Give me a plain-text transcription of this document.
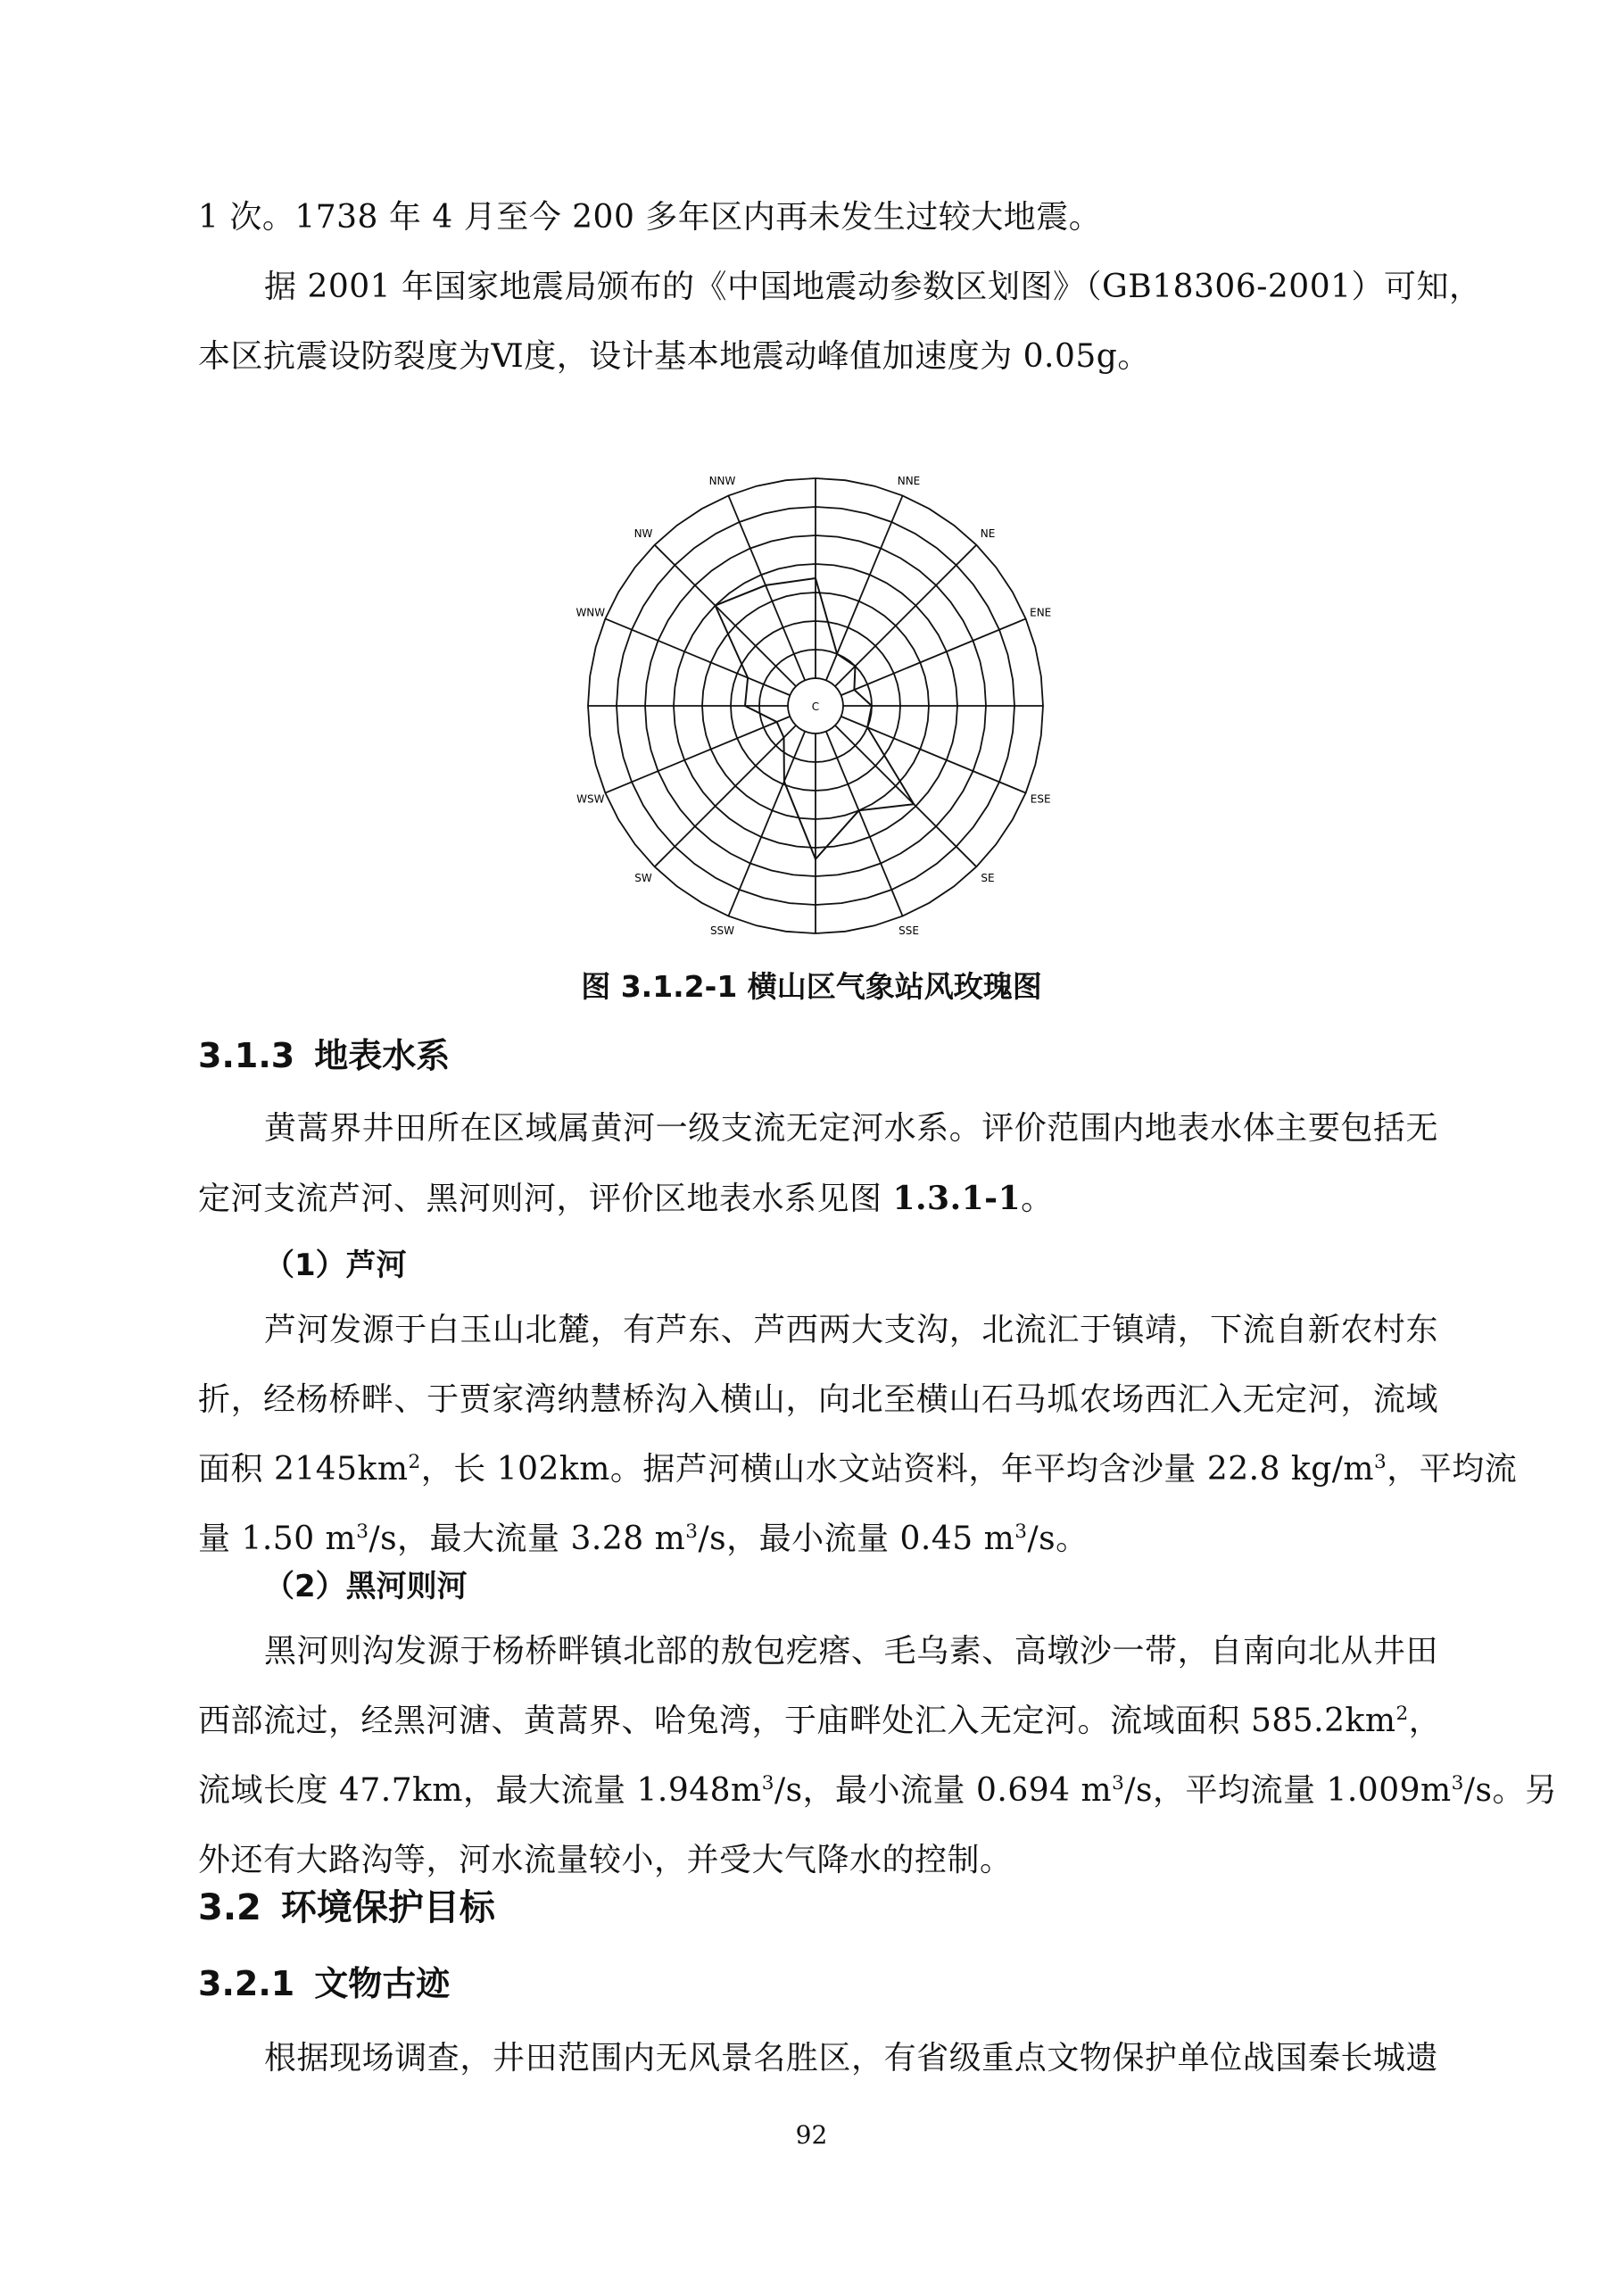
1 次。1738 年 4 月至今 200 多年区内再未发生过较大地震。
据 2001 年国家地震局颁布的《中国地震动参数区划图》（GB18306-2001）可知，
本区抗震设防裂度为Ⅵ度，设计基本地震动峰值加速度为 0.05g。
NNE
NE
ENE
ESE
SE
SSE
SSW
SW
WSW
WNW
NW
NNW
C
图 3.1.2-1 横山区气象站风玫瑰图
3.1.3 地表水系
黄蒿界井田所在区域属黄河一级支流无定河水系。评价范围内地表水体主要包括无
定河支流芦河、黑河则河，评价区地表水系见图 1.3.1-1。
（1）芦河
芦河发源于白玉山北麓，有芦东、芦西两大支沟，北流汇于镇靖，下流自新农村东
折，经杨桥畔、于贾家湾纳慧桥沟入横山，向北至横山石马坬农场西汇入无定河，流域
面积 $2145km^2$，长 102km。据芦河横山水文站资料，年平均含沙量 22.8 $kg/m^3$，平均流
量 1.50 $m^3/s$，最大流量 3.28 $m^3/s$，最小流量 0.45 $m^3/s$。
（2）黑河则河
黑河则沟发源于杨桥畔镇北部的敖包疙瘩、毛乌素、高墩沙一带，自南向北从井田
西部流过，经黑河溏、黄蒿界、哈兔湾，于庙畔处汇入无定河。流域面积 $585.2km^2$，
流域长度 47.7km，最大流量 $1.948m^3/s$，最小流量 0.694 $m^3/s$，平均流量 $1.009m^3/s$。另
外还有大路沟等，河水流量较小，并受大气降水的控制。
3.2 环境保护目标
3.2.1 文物古迹
根据现场调查，井田范围内无风景名胜区，有省级重点文物保护单位战国秦长城遗
92
